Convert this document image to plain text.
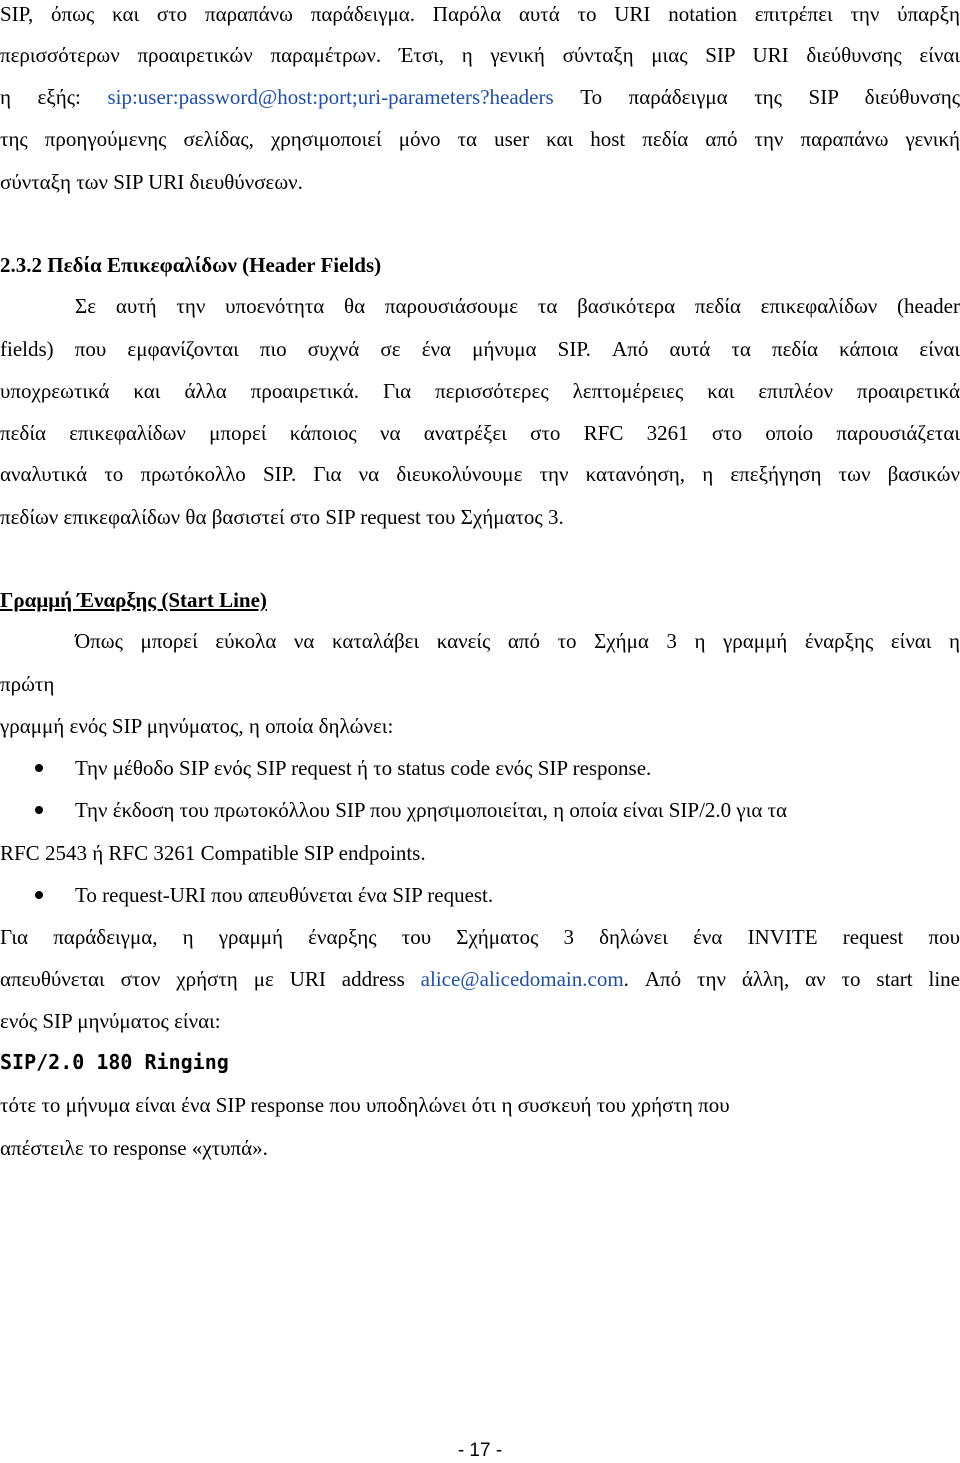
SIP, όπως και στο παραπάνω παράδειγμα. Παρόλα αυτά το URI notation επιτρέπει την ύπαρξη
περισσότερων προαιρετικών παραμέτρων. Έτσι, η γενική σύνταξη μιας SIP URI διεύθυνσης είναι
η εξής: sip:user:password@host:port;uri-parameters?headers Το παράδειγμα της SIP διεύθυνσης
της προηγούμενης σελίδας, χρησιμοποιεί μόνο τα user και host πεδία από την παραπάνω γενική
σύνταξη των SIP URI διευθύνσεων.
2.3.2 Πεδία Επικεφαλίδων (Header Fields)
Σε αυτή την υποενότητα θα παρουσιάσουμε τα βασικότερα πεδία επικεφαλίδων (header
fields) που εμφανίζονται πιο συχνά σε ένα μήνυμα SIP. Από αυτά τα πεδία κάποια είναι
υποχρεωτικά και άλλα προαιρετικά. Για περισσότερες λεπτομέρειες και επιπλέον προαιρετικά
πεδία επικεφαλίδων μπορεί κάποιος να ανατρέξει στο RFC 3261 στο οποίο παρουσιάζεται
αναλυτικά το πρωτόκολλο SIP. Για να διευκολύνουμε την κατανόηση, η επεξήγηση των βασικών
πεδίων επικεφαλίδων θα βασιστεί στο SIP request του Σχήματος 3.
Γραμμή Έναρξης (Start Line)
Όπως μπορεί εύκολα να καταλάβει κανείς από το Σχήμα 3 η γραμμή έναρξης είναι η
πρώτη
γραμμή ενός SIP μηνύματος, η οποία δηλώνει:
Την μέθοδο SIP ενός SIP request ή το status code ενός SIP response.
Την έκδοση του πρωτοκόλλου SIP που χρησιμοποιείται, η οποία είναι SIP/2.0 για τα
RFC 2543 ή RFC 3261 Compatible SIP endpoints.
Το request-URI που απευθύνεται ένα SIP request.
Για παράδειγμα, η γραμμή έναρξης του Σχήματος 3 δηλώνει ένα INVITE request που
απευθύνεται στον χρήστη με URI address alice@alicedomain.com. Από την άλλη, αν το start line
ενός SIP μηνύματος είναι:
SIP/2.0 180 Ringing
τότε το μήνυμα είναι ένα SIP response που υποδηλώνει ότι η συσκευή του χρήστη που
απέστειλε το response «χτυπά».
- 17 -
